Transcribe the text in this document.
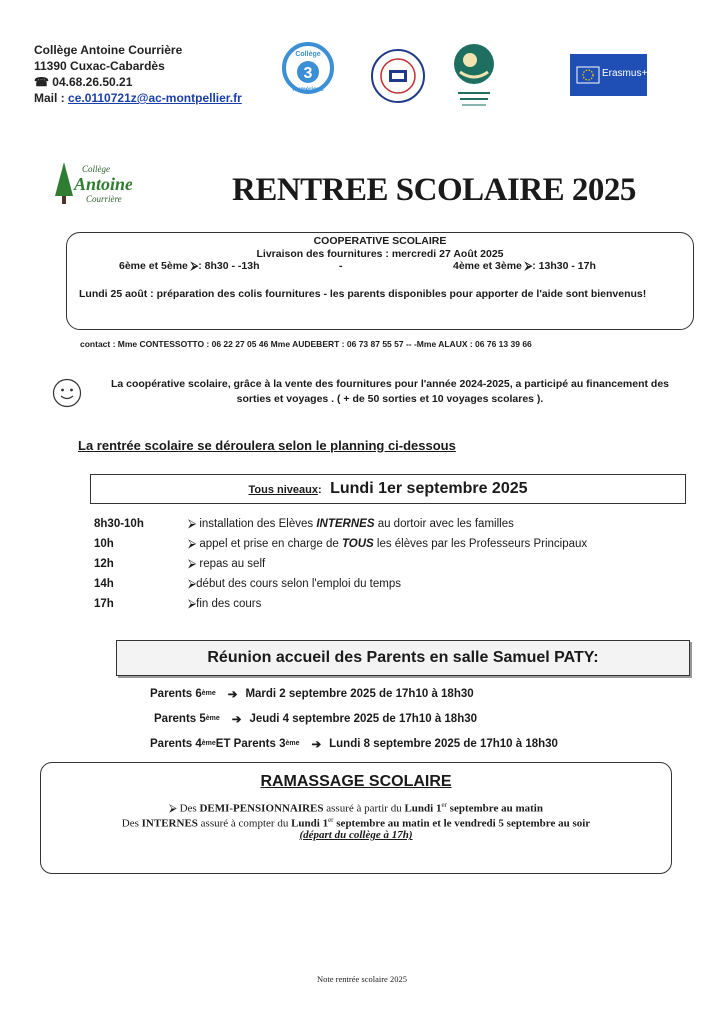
Collège Antoine Courrière
11390 Cuxac-Cabardès
☎ 04.68.26.50.21
Mail : ce.0110721z@ac-montpellier.fr
3
Collège
Numérique
Erasmus+
Collège
Antoine
Courrière	RENTREE SCOLAIRE 2025
COOPERATIVE SCOLAIRE
Livraison des fournitures : mercredi 27 Août 2025
6ème et 5ème ⮚: 8h30 - -13h	-	4ème et 3ème ⮚: 13h30 - 17h
Lundi 25 août : préparation des colis fournitures - les parents disponibles pour apporter de l'aide sont bienvenus!
contact : Mme CONTESSOTTO : 06 22 27 05 46 Mme AUDEBERT : 06 73 87 55 57 -- -Mme ALAUX : 06 76 13 39 66
La coopérative scolaire, grâce à la vente des fournitures pour l'année 2024-2025, a participé au financement des sorties et voyages . ( + de 50 sorties et 10 voyages scolares ).
La rentrée scolaire se déroulera selon le planning ci-dessous
Tous niveaux: Lundi 1er septembre 2025
8h30-10h	⮚ installation des Elèves INTERNES au dortoir avec les familles
10h	⮚ appel et prise en charge de TOUS les élèves par les Professeurs Principaux
12h	⮚ repas au self
14h	⮚début des cours selon l'emploi du temps
17h	⮚fin des cours
Réunion accueil des Parents en salle Samuel PATY:
Parents 6 ème ➔ Mardi 2 septembre 2025 de 17h10 à 18h30
Parents 5 ème ➔ Jeudi 4 septembre 2025 de 17h10 à 18h30
Parents 4 ème ET Parents 3 ème ➔ Lundi 8 septembre 2025 de 17h10 à 18h30
RAMASSAGE SCOLAIRE
⮚ Des DEMI-PENSIONNAIRES assuré à partir du Lundi 1er septembre au matin
Des INTERNES assuré à compter du Lundi 1er septembre au matin et le vendredi 5 septembre au soir
(départ du collège à 17h)
Note rentrée scolaire 2025
